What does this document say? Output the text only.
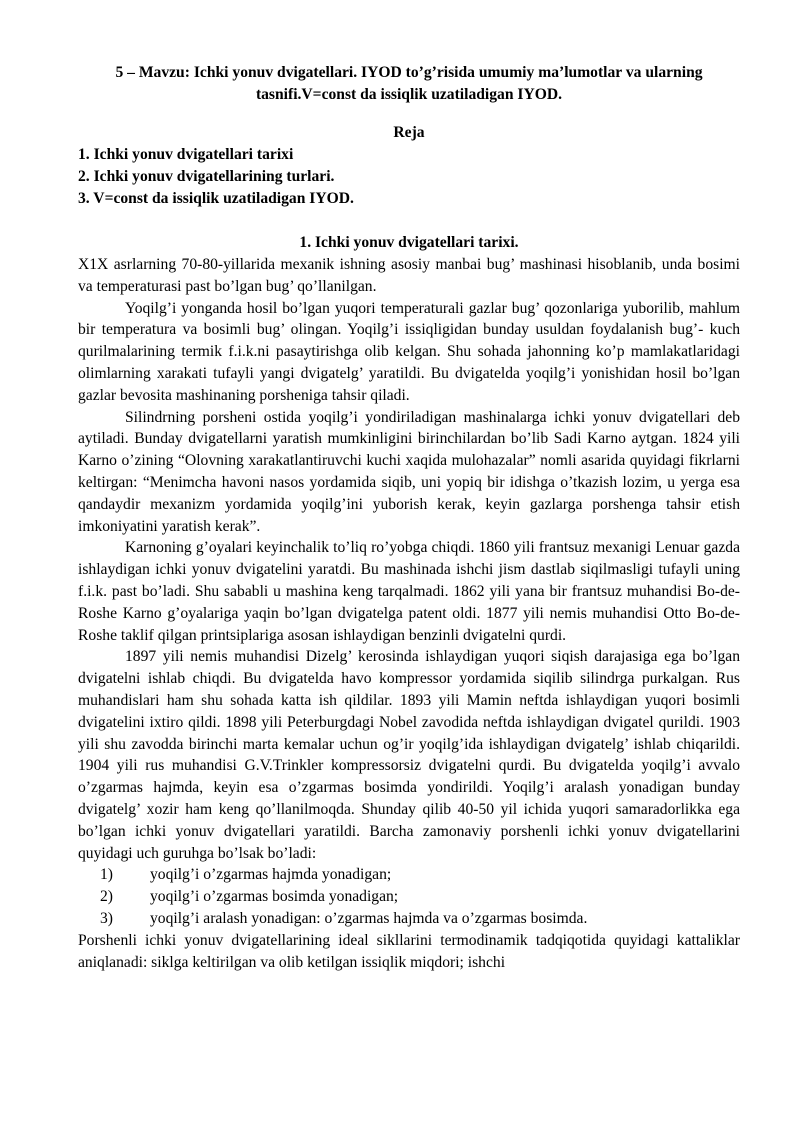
5 – Mavzu: Ichki yonuv dvigatellari. IYOD to’g’risida umumiy ma’lumotlar va ularning tasnifi.V=const da issiqlik uzatiladigan IYOD.
Reja
1. Ichki yonuv dvigatellari tarixi
2. Ichki yonuv dvigatellarining turlari.
3. V=const da issiqlik uzatiladigan IYOD.
1. Ichki yonuv dvigatellari tarixi.

X1X asrlarning 70-80-yillarida mexanik ishning asosiy manbai bug’ mashinasi hisoblanib, unda bosimi va temperaturasi past bo’lgan bug’ qo’llanilgan.

Yoqilg’i yonganda hosil bo’lgan yuqori temperaturali gazlar bug’ qozonlariga yuborilib, mahlum bir temperatura va bosimli bug’ olingan. Yoqilg’i issiqligidan bunday usuldan foydalanish bug’- kuch qurilmalarining termik f.i.k.ni pasaytirishga olib kelgan. Shu sohada jahonning ko’p mamlakatlaridagi olimlarning xarakati tufayli yangi dvigatelg’ yaratildi. Bu dvigatelda yoqilg’i yonishidan hosil bo’lgan gazlar bevosita mashinaning porsheniga tahsir qiladi.

Silindrning porsheni ostida yoqilg’i yondiriladigan mashinalarga ichki yonuv dvigatellari deb aytiladi. Bunday dvigatellarni yaratish mumkinligini birinchilardan bo’lib Sadi Karno aytgan. 1824 yili Karno o’zining “Olovning xarakatlantiruvchi kuchi xaqida mulohazalar” nomli asarida quyidagi fikrlarni keltirgan: “Menimcha havoni nasos yordamida siqib, uni yopiq bir idishga o’tkazish lozim, u yerga esa qandaydir mexanizm yordamida yoqilg’ini yuborish kerak, keyin gazlarga porshenga tahsir etish imkoniyatini yaratish kerak”.

Karnoning g’oyalari keyinchalik to’liq ro’yobga chiqdi. 1860 yili frantsuz mexanigi Lenuar gazda ishlaydigan ichki yonuv dvigatelini yaratdi. Bu mashinada ishchi jism dastlab siqilmasligi tufayli uning f.i.k. past bo’ladi. Shu sababli u mashina keng tarqalmadi. 1862 yili yana bir frantsuz muhandisi Bo-de-Roshe Karno g’oyalariga yaqin bo’lgan dvigatelga patent oldi. 1877 yili nemis muhandisi Otto Bo-de-Roshe taklif qilgan printsiplariga asosan ishlaydigan benzinli dvigatelni qurdi.

1897 yili nemis muhandisi Dizelg’ kerosinda ishlaydigan yuqori siqish darajasiga ega bo’lgan dvigatelni ishlab chiqdi. Bu dvigatelda havo kompressor yordamida siqilib silindrga purkalgan. Rus muhandislari ham shu sohada katta ish qildilar. 1893 yili Mamin neftda ishlaydigan yuqori bosimli dvigatelini ixtiro qildi. 1898 yili Peterburgdagi Nobel zavodida neftda ishlaydigan dvigatel qurildi. 1903 yili shu zavodda birinchi marta kemalar uchun og’ir yoqilg’ida ishlaydigan dvigatelg’ ishlab chiqarildi. 1904 yili rus muhandisi G.V.Trinkler kompressorsiz dvigatelni qurdi. Bu dvigatelda yoqilg’i avvalo o’zgarmas hajmda, keyin esa o’zgarmas bosimda yondirildi. Yoqilg’i aralash yonadigan bunday dvigatelg’ xozir ham keng qo’llanilmoqda. Shunday qilib 40-50 yil ichida yuqori samaradorlikka ega bo’lgan ichki yonuv dvigatellari yaratildi. Barcha zamonaviy porshenli ichki yonuv dvigatellarini quyidagi uch guruhga bo’lsak bo’ladi:

1) yoqilg’i o’zgarmas hajmda yonadigan;
2) yoqilg’i o’zgarmas bosimda yonadigan;
3) yoqilg’i aralash yonadigan: o’zgarmas hajmda va o’zgarmas bosimda.

Porshenli ichki yonuv dvigatellarining ideal sikllarini termodinamik tadqiqotida quyidagi kattaliklar aniqlanadi: siklga keltirilgan va olib ketilgan issiqlik miqdori; ishchi
